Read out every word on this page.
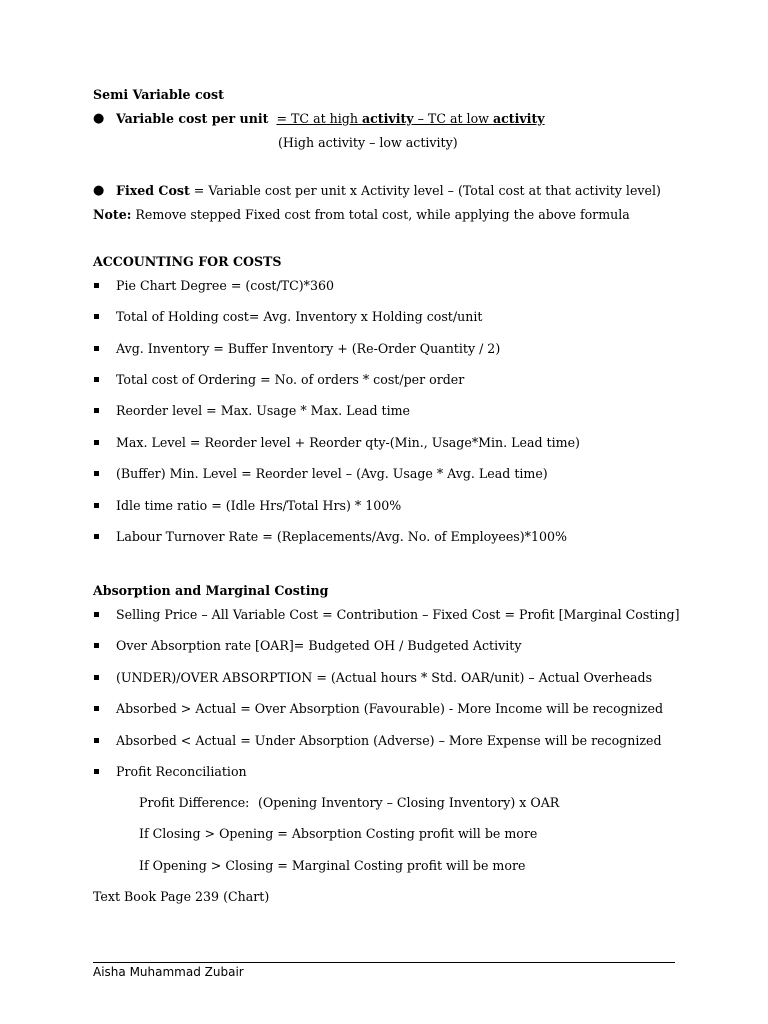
Semi Variable cost
● Variable cost per unit = TC at high activity – TC at low activity
(High activity – low activity)
● Fixed Cost = Variable cost per unit x Activity level – (Total cost at that activity level)
Note: Remove stepped Fixed cost from total cost, while applying the above formula
ACCOUNTING FOR COSTS
Pie Chart Degree = (cost/TC)*360
Total of Holding cost= Avg. Inventory x Holding cost/unit
Avg. Inventory = Buffer Inventory + (Re-Order Quantity / 2)
Total cost of Ordering = No. of orders * cost/per order
Reorder level = Max. Usage * Max. Lead time
Max. Level = Reorder level + Reorder qty-(Min., Usage*Min. Lead time)
(Buffer) Min. Level = Reorder level – (Avg. Usage * Avg. Lead time)
Idle time ratio = (Idle Hrs/Total Hrs) * 100%
Labour Turnover Rate = (Replacements/Avg. No. of Employees)*100%
Absorption and Marginal Costing
Selling Price – All Variable Cost = Contribution – Fixed Cost = Profit [Marginal Costing]
Over Absorption rate [OAR]= Budgeted OH / Budgeted Activity
(UNDER)/OVER ABSORPTION = (Actual hours * Std. OAR/unit) – Actual Overheads
Absorbed > Actual = Over Absorption (Favourable) - More Income will be recognized
Absorbed < Actual = Under Absorption (Adverse) – More Expense will be recognized
Profit Reconciliation
Profit Difference: (Opening Inventory – Closing Inventory) x OAR
If Closing > Opening = Absorption Costing profit will be more
If Opening > Closing = Marginal Costing profit will be more
Text Book Page 239 (Chart)
Aisha Muhammad Zubair
